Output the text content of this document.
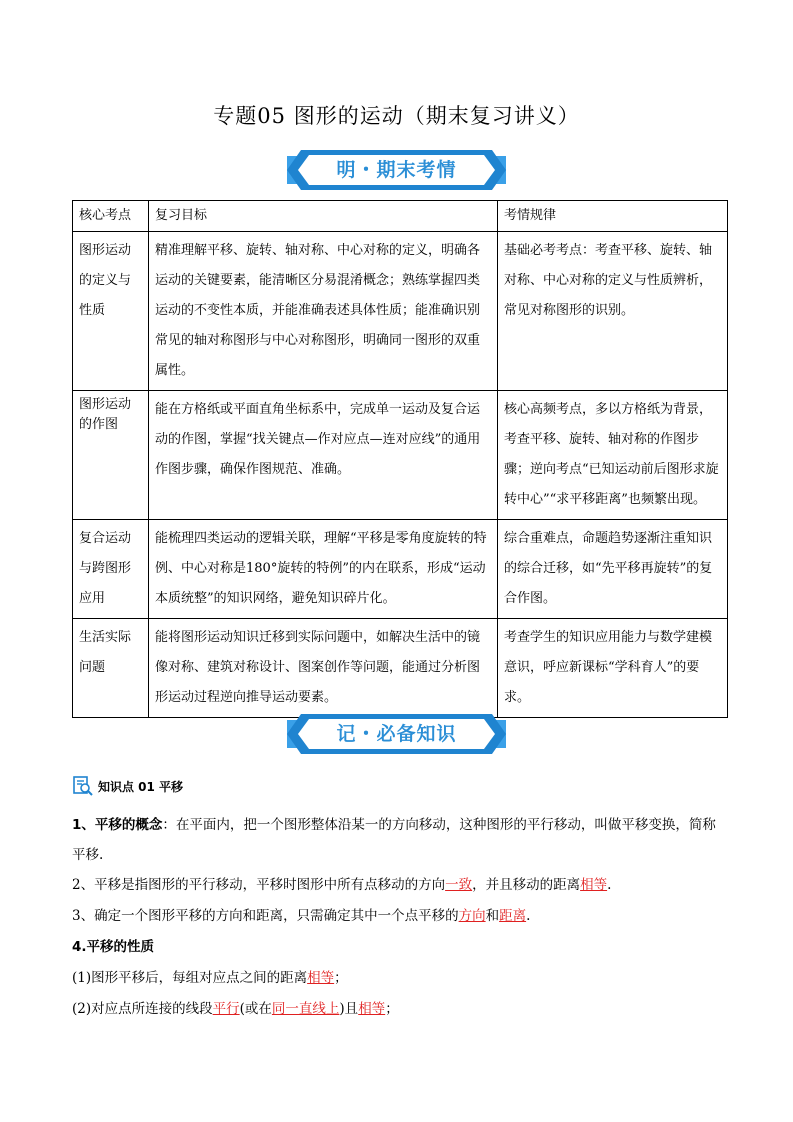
专题05 图形的运动（期末复习讲义）
明・期末考情
核心考点	复习目标	考情规律
图形运动的定义与性质	精准理解平移、旋转、轴对称、中心对称的定义，明确各运动的关键要素，能清晰区分易混淆概念；熟练掌握四类运动的不变性本质，并能准确表述具体性质；能准确识别常见的轴对称图形与中心对称图形，明确同一图形的双重属性。	基础必考考点：考查平移、旋转、轴对称、中心对称的定义与性质辨析，常见对称图形的识别。
图形运动的作图	能在方格纸或平面直角坐标系中，完成单一运动及复合运动的作图，掌握“找关键点—作对应点—连对应线”的通用作图步骤，确保作图规范、准确。	核心高频考点，多以方格纸为背景，考查平移、旋转、轴对称的作图步骤；逆向考点“已知运动前后图形求旋转中心”“求平移距离”也频繁出现。
复合运动与跨图形应用	能梳理四类运动的逻辑关联，理解“平移是零角度旋转的特例、中心对称是180°旋转的特例”的内在联系，形成“运动本质统整”的知识网络，避免知识碎片化。	综合重难点，命题趋势逐渐注重知识的综合迁移，如“先平移再旋转”的复合作图。
生活实际问题	能将图形运动知识迁移到实际问题中，如解决生活中的镜像对称、建筑对称设计、图案创作等问题，能通过分析图形运动过程逆向推导运动要素。	考查学生的知识应用能力与数学建模意识，呼应新课标“学科育人”的要求。
记・必备知识
知识点 01 平移
1、平移的概念：在平面内，把一个图形整体沿某一的方向移动，这种图形的平行移动，叫做平移变换，简称平移.
2、平移是指图形的平行移动，平移时图形中所有点移动的方向一致，并且移动的距离相等.
3、确定一个图形平移的方向和距离，只需确定其中一个点平移的方向和距离.
4.平移的性质
(1)图形平移后，每组对应点之间的距离相等；
(2)对应点所连接的线段平行(或在同一直线上)且相等；
